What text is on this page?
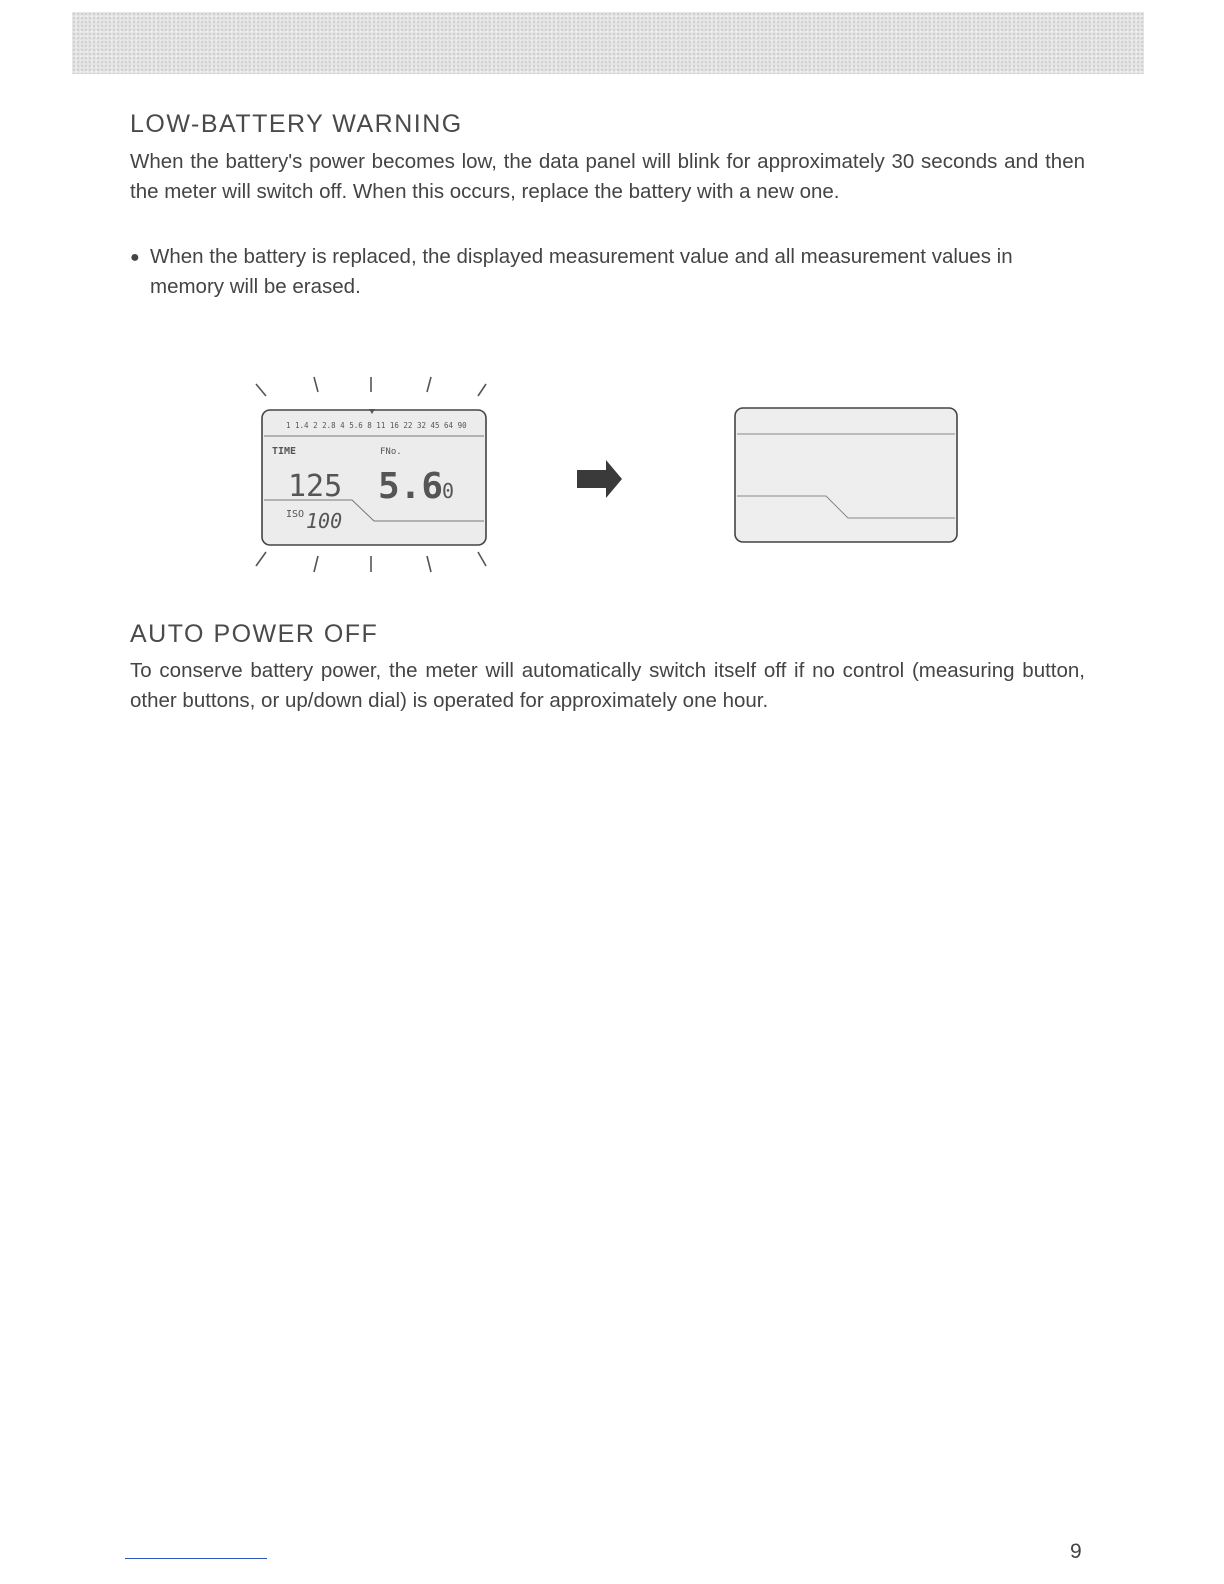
LOW-BATTERY WARNING

When the battery's power becomes low, the data panel will blink for approximately 30 seconds and then the meter will switch off. When this occurs, replace the battery with a new one.

● When the battery is replaced, the displayed measurement value and all measurement values in memory will be erased.
1 1.4 2 2.8 4 5.6 8 11 16 22 32 45 64 90
TIME	FNo.
125 5.6
0
ISO 100
AUTO POWER OFF

To conserve battery power, the meter will automatically switch itself off if no control (measuring button, other buttons, or up/down dial) is operated for approximately one hour.

9
